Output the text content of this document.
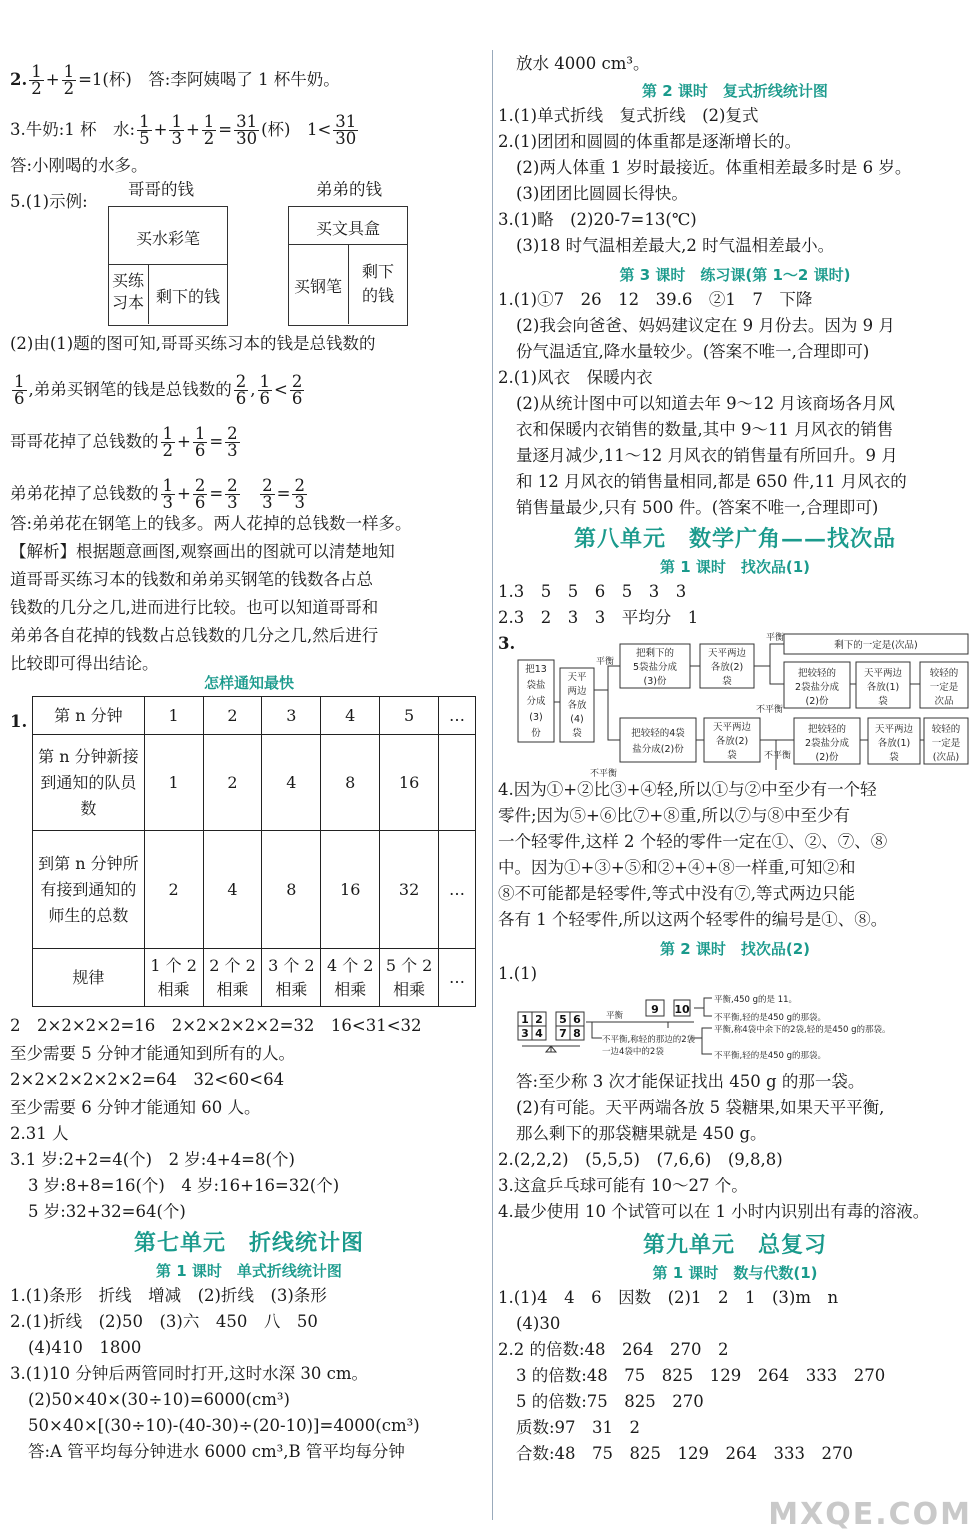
2. $\frac{1}{2} + \frac{1}{2} =1$(杯)　答:李阿姨喝了 1 杯牛奶。
3.牛奶:1 杯　水: $\frac{1}{5} + \frac{1}{3} + \frac{1}{2} = \frac{31}{30}$ (杯)　$1< \frac{31}{30}$
答:小刚喝的水多。
5.(1)示例:
哥哥的钱	弟弟的钱
买水彩笔
买练
习本 剩下的钱
买文具盒
买钢笔
剩下
的钱
(2)由(1)题的图可知,哥哥买练习本的钱是总钱数的
$\frac{1}{6}$ ,弟弟买钢笔的钱是总钱数的 $\frac{2}{6}$ , $\frac{1}{6} < \frac{2}{6}$
哥哥花掉了总钱数的 $\frac{1}{2} + \frac{1}{6} = \frac{2}{3}$
弟弟花掉了总钱数的 $\frac{1}{3} + \frac{2}{6} = \frac{2}{3}$
　 $\frac{2}{3} = \frac{2}{3}$
答:弟弟花在钢笔上的钱多。两人花掉的总钱数一样多。
【解析】根据题意画图,观察画出的图就可以清楚地知
道哥哥买练习本的钱数和弟弟买钢笔的钱数各占总
钱数的几分之几,进而进行比较。也可以知道哥哥和
弟弟各自花掉的钱数占总钱数的几分之几,然后进行
比较即可得出结论。
怎样通知最快
1. 第 n 分钟	1	2	3	4	5	…
第 n 分钟新接到通知的队员数	1	2	4	8	16	
到第 n 分钟所有接到通知的师生的总数	2	4	8	16	32	…
规律	1 个 2 相乘	2 个 2 相乘	3 个 2 相乘	4 个 2 相乘	5 个 2 相乘	…
2　2×2×2×2=16　2×2×2×2×2=32　16<31<32
至少需要 5 分钟才能通知到所有的人。
2×2×2×2×2×2=64　32<60<64
至少需要 6 分钟才能通知 60 人。
2.31 人
3.1 岁:2+2=4(个)　2 岁:4+4=8(个)
3 岁:8+8=16(个)　4 岁:16+16=32(个)
5 岁:32+32=64(个)
第七单元　折线统计图
第 1 课时　单式折线统计图
1.(1)条形　折线　增减　(2)折线　(3)条形
2.(1)折线　(2)50　(3)六　450　八　50
(4)410　1800
3.(1)10 分钟后两管同时打开,这时水深 30 cm。
(2)50×40×(30÷10)=6000(cm³)
50×40×[(30÷10)-(40-30)÷(20-10)]=4000(cm³)
答:A 管平均每分钟进水 6000 cm³,B 管平均每分钟
放水 4000 cm³。
第 2 课时　复式折线统计图
1.(1)单式折线　复式折线　(2)复式
2.(1)团团和圆圆的体重都是逐渐增长的。
(2)两人体重 1 岁时最接近。体重相差最多时是 6 岁。
(3)团团比圆圆长得快。
3.(1)略　(2)20-7=13(℃)
(3)18 时气温相差最大,2 时气温相差最小。
第 3 课时　练习课(第 1～2 课时)
1.(1)①7　26　12　39.6　②1　7　下降
(2)我会向爸爸、妈妈建议定在 9 月份去。因为 9 月
份气温适宜,降水量较少。(答案不唯一,合理即可)
2.(1)风衣　保暖内衣
(2)从统计图中可以知道去年 9～12 月该商场各月风
衣和保暖内衣销售的数量,其中 9～11 月风衣的销售
量逐月减少,11～12 月风衣的销售量有所回升。9 月
和 12 月风衣的销售量相同,都是 650 件,11 月风衣的
销售量最少,只有 500 件。(答案不唯一,合理即可)
第八单元　数学广角——找次品
第 1 课时　找次品(1)
1.3　5　5　6　5　3　3
2.3　2　3　3　平均分　1
3.
把13
袋盐
分成
(3)
份
天平
两边
各放
(4)
袋
把剩下的
5袋盐分成
(3)份
天平两边
各放(2)
袋
剩下的一定是(次品)
把较轻的
2袋盐分成
(2)份
天平两边
各放(1)
袋
较轻的
一定是
次品
把较轻的4袋
盐分成(2)份
天平两边
各放(2)
袋
把较轻的
2袋盐分成
(2)份
天平两边
各放(1)
袋
较轻的
一定是
(次品)
平衡
平衡
不平衡
不平衡
不平衡
4.因为①+②比③+④轻,所以①与②中至少有一个轻
零件;因为⑤+⑥比⑦+⑧重,所以⑦与⑧中至少有
一个轻零件,这样 2 个轻的零件一定在①、②、⑦、⑧
中。因为①+③+⑤和②+④+⑧一样重,可知②和
⑧不可能都是轻零件,等式中没有⑦,等式两边只能
各有 1 个轻零件,所以这两个轻零件的编号是①、⑧。
第 2 课时　找次品(2)
1.(1)
1 2
3 4
5 6
7 8
9 10
平衡
不平衡,称轻的那边的2袋
一边4袋中的2袋
平衡,450 g的是 11。
不平衡,轻的是450 g的那袋。
平衡,称4袋中余下的2袋,轻的是450 g的那袋。
不平衡,轻的是450 g的那袋。
答:至少称 3 次才能保证找出 450 g 的那一袋。
(2)有可能。天平两端各放 5 袋糖果,如果天平平衡,
那么剩下的那袋糖果就是 450 g。
2.(2,2,2)　(5,5,5)　(7,6,6)　(9,8,8)
3.这盒乒乓球可能有 10～27 个。
4.最少使用 10 个试管可以在 1 小时内识别出有毒的溶液。
第九单元　总复习
第 1 课时　数与代数(1)
1.(1)4　4　6　因数　(2)1　2　1　(3)m　n
(4)30
2.2 的倍数:48　264　270　2
3 的倍数:48　75　825　129　264　333　270
5 的倍数:75　825　270
质数:97　31　2
合数:48　75　825　129　264　333　270
MXQE.COM
